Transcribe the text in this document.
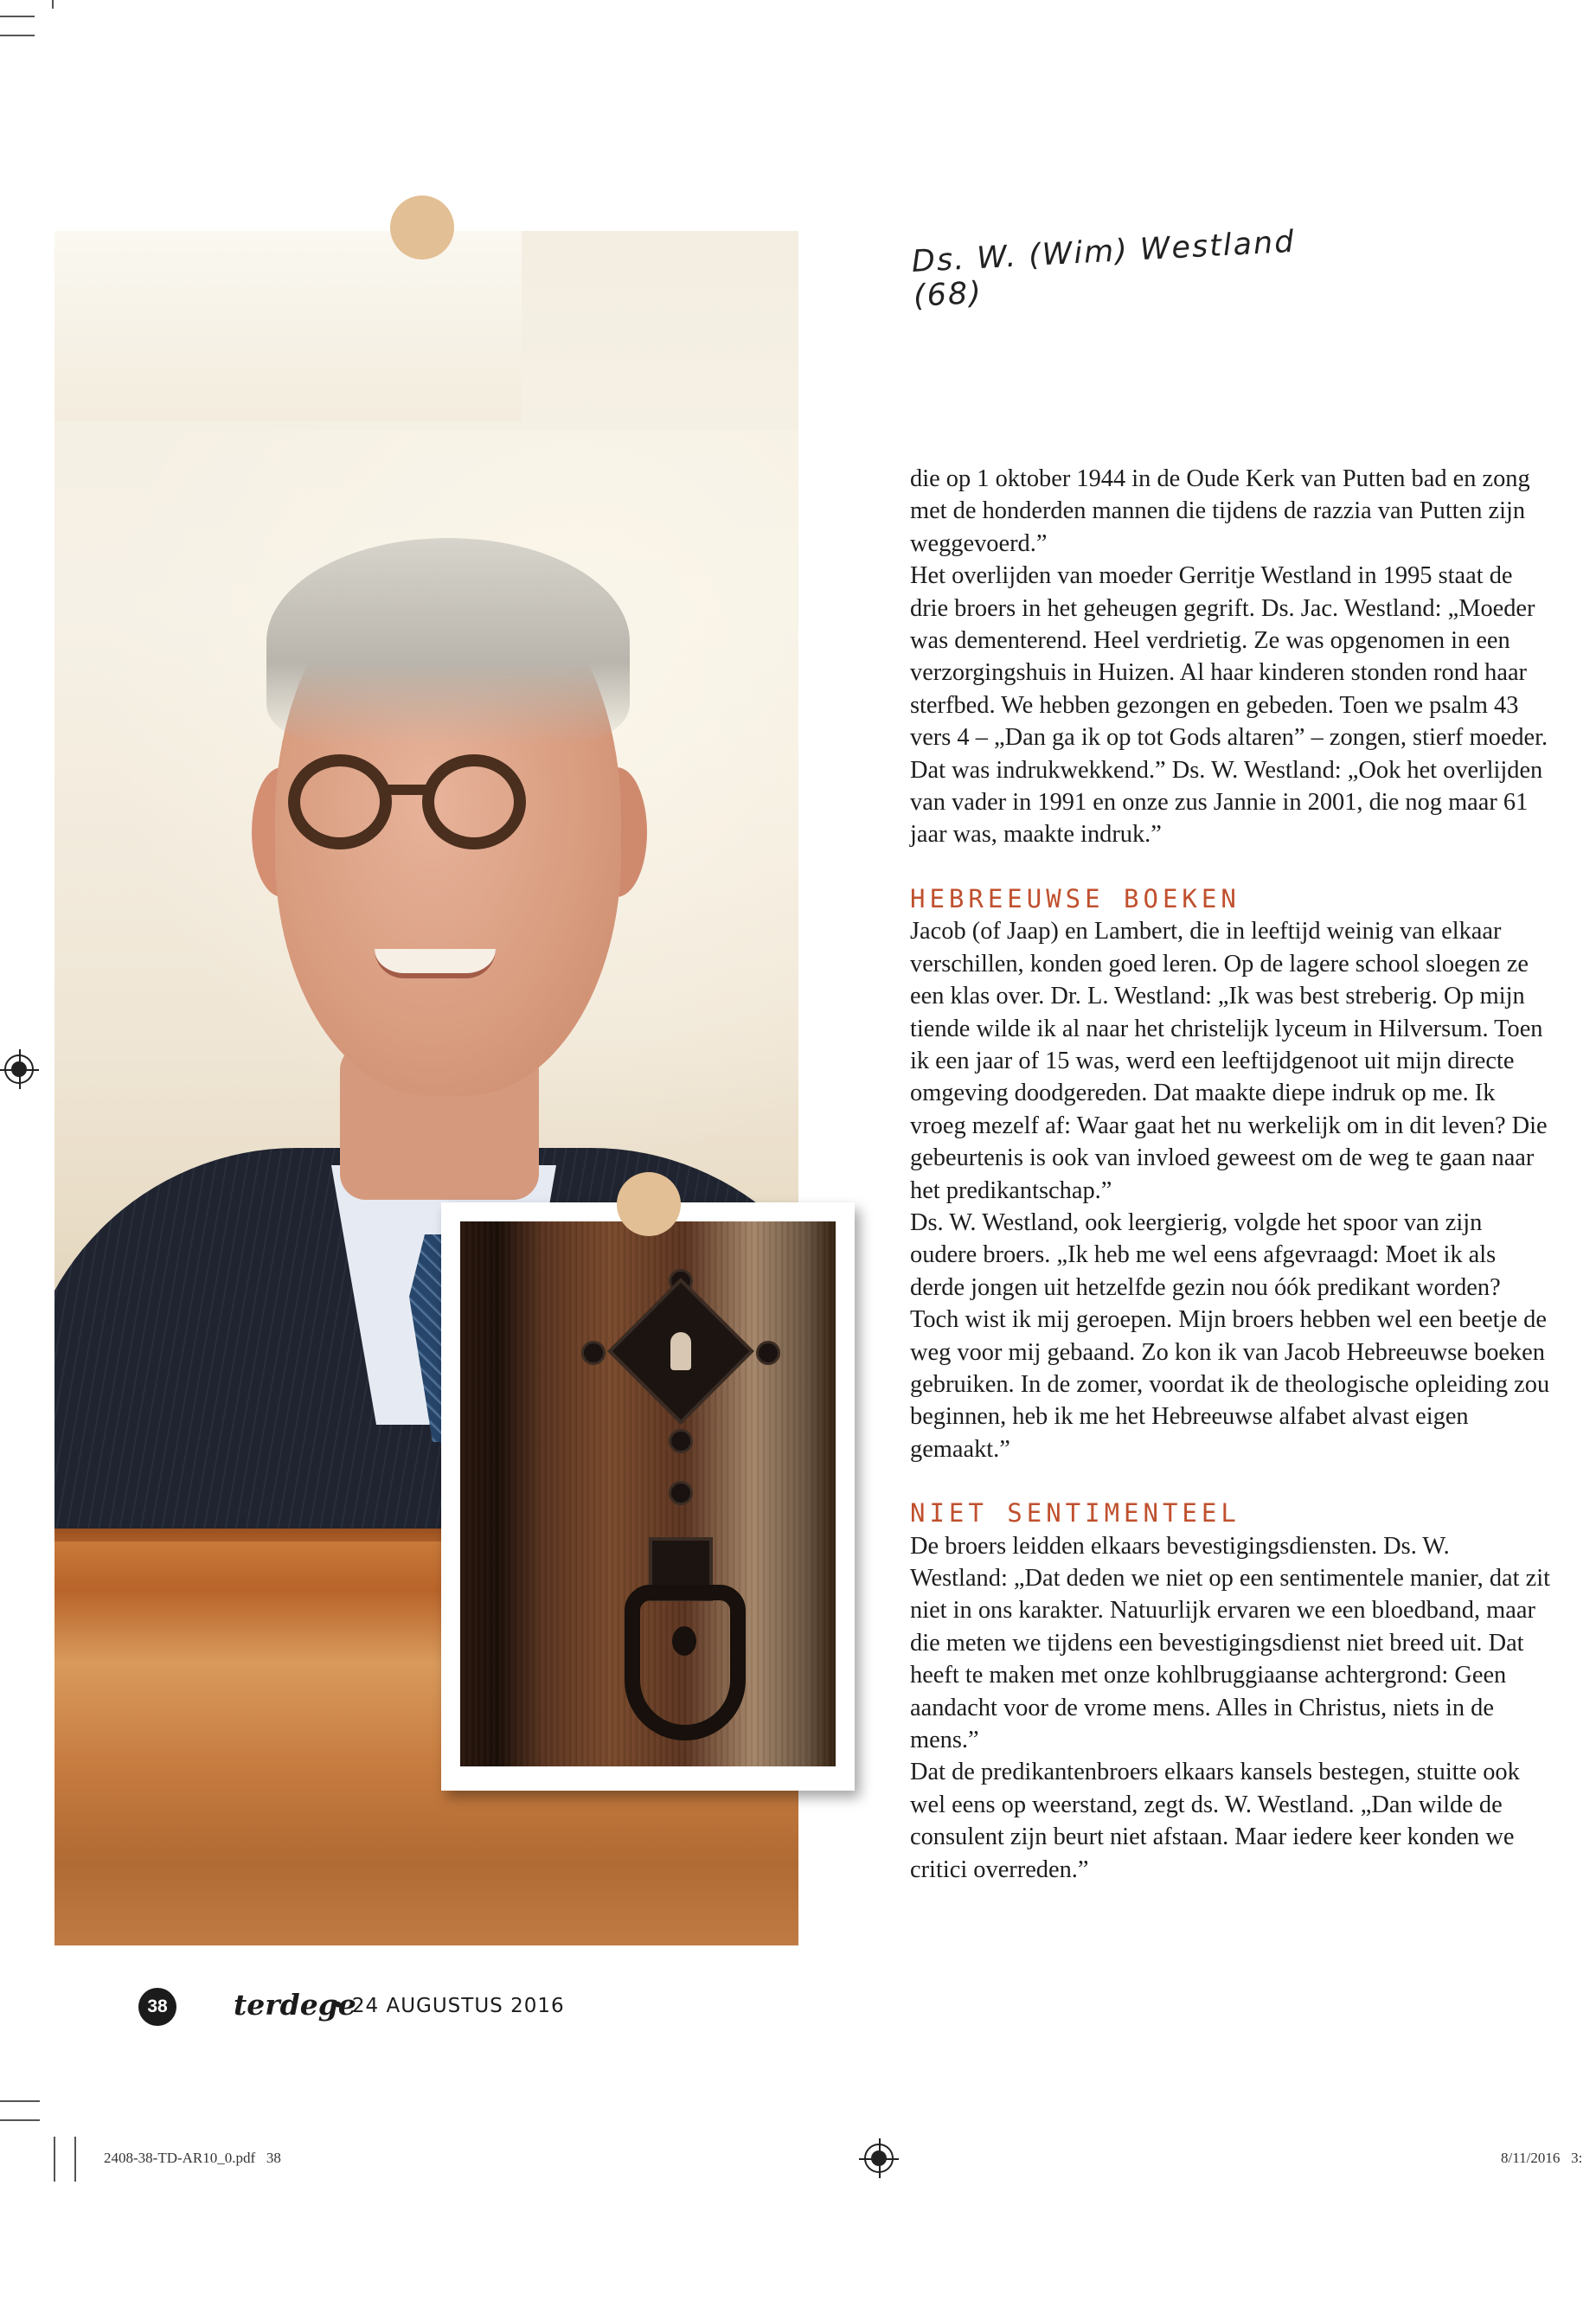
Ds. W. (Wim) Westland (68)

die op 1 oktober 1944 in de Oude Kerk van Putten bad en zong met de honderden mannen die tijdens de razzia van Putten zijn weggevoerd.”

Het overlijden van moeder Gerritje Westland in 1995 staat de drie broers in het geheugen gegrift. Ds. Jac. Westland: „Moeder was dementerend. Heel verdrietig. Ze was opgenomen in een verzorgingshuis in Huizen. Al haar kinderen stonden rond haar sterfbed. We hebben gezongen en gebeden. Toen we psalm 43 vers 4 – „Dan ga ik op tot Gods altaren” – zongen, stierf moeder. Dat was indrukwekkend.” Ds. W. Westland: „Ook het overlijden van vader in 1991 en onze zus Jannie in 2001, die nog maar 61 jaar was, maakte indruk.”

HEBREEUWSE BOEKEN

Jacob (of Jaap) en Lambert, die in leeftijd weinig van elkaar verschillen, konden goed leren. Op de lagere school sloegen ze een klas over. Dr. L. Westland: „Ik was best streberig. Op mijn tiende wilde ik al naar het christelijk lyceum in Hilversum. Toen ik een jaar of 15 was, werd een leeftijdgenoot uit mijn directe omgeving doodgereden. Dat maakte diepe indruk op me. Ik vroeg mezelf af: Waar gaat het nu werkelijk om in dit leven? Die gebeurtenis is ook van invloed geweest om de weg te gaan naar het predikantschap.”

Ds. W. Westland, ook leergierig, volgde het spoor van zijn oudere broers. „Ik heb me wel eens afgevraagd: Moet ik als derde jongen uit hetzelfde gezin nou óók predikant worden? Toch wist ik mij geroepen. Mijn broers hebben wel een beetje de weg voor mij gebaand. Zo kon ik van Jacob Hebreeuwse boeken gebruiken. In de zomer, voordat ik de theologische opleiding zou beginnen, heb ik me het Hebreeuwse alfabet alvast eigen gemaakt.”

NIET SENTIMENTEEL

De broers leidden elkaars bevestigingsdiensten. Ds. W. Westland: „Dat deden we niet op een sentimentele manier, dat zit niet in ons karakter. Natuurlijk ervaren we een bloedband, maar die meten we tijdens een bevestigingsdienst niet breed uit. Dat heeft te maken met onze kohlbruggiaanse achtergrond: Geen aandacht voor de vrome mens. Alles in Christus, niets in de mens.”

Dat de predikantenbroers elkaars kansels bestegen, stuitte ook wel eens op weerstand, zegt ds. W. Westland. „Dan wilde de consulent zijn beurt niet afstaan. Maar iedere keer konden we critici overreden.”

38	terdege
• 24 AUGUSTUS 2016
2408-38-TD-AR10_0.pdf   38	8/11/2016   3:
